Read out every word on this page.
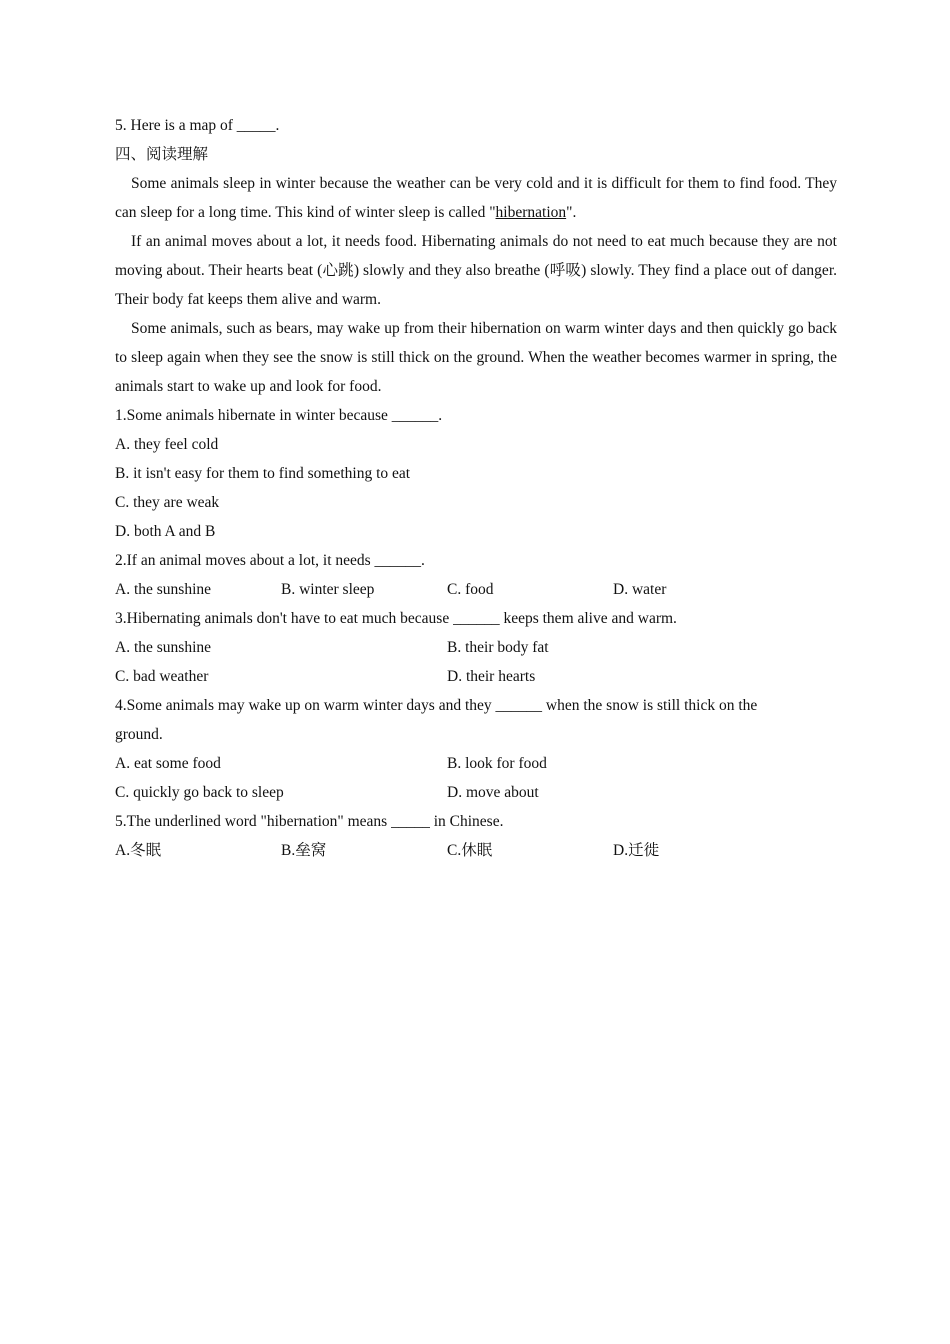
5. Here is a map of _____.
四、阅读理解
Some animals sleep in winter because the weather can be very cold and it is difficult for them to find food. They can sleep for a long time. This kind of winter sleep is called "hibernation".
If an animal moves about a lot, it needs food. Hibernating animals do not need to eat much because they are not moving about. Their hearts beat (心跳) slowly and they also breathe (呼吸) slowly. They find a place out of danger. Their body fat keeps them alive and warm.
Some animals, such as bears, may wake up from their hibernation on warm winter days and then quickly go back to sleep again when they see the snow is still thick on the ground. When the weather becomes warmer in spring, the animals start to wake up and look for food.
1.Some animals hibernate in winter because ______.
A. they feel cold
B. it isn't easy for them to find something to eat
C. they are weak
D. both A and B
2.If an animal moves about a lot, it needs ______.
A. the sunshine	B. winter sleep	C. food	D. water
3.Hibernating animals don't have to eat much because ______ keeps them alive and warm.
A. the sunshine	B. their body fat
C. bad weather	D. their hearts
4.Some animals may wake up on warm winter days and they ______ when the snow is still thick on the
ground.
A. eat some food	B. look for food
C. quickly go back to sleep	D. move about
5.The underlined word "hibernation" means _____ in Chinese.
A.冬眠	B.垒窝	C.休眠	D.迁徙
